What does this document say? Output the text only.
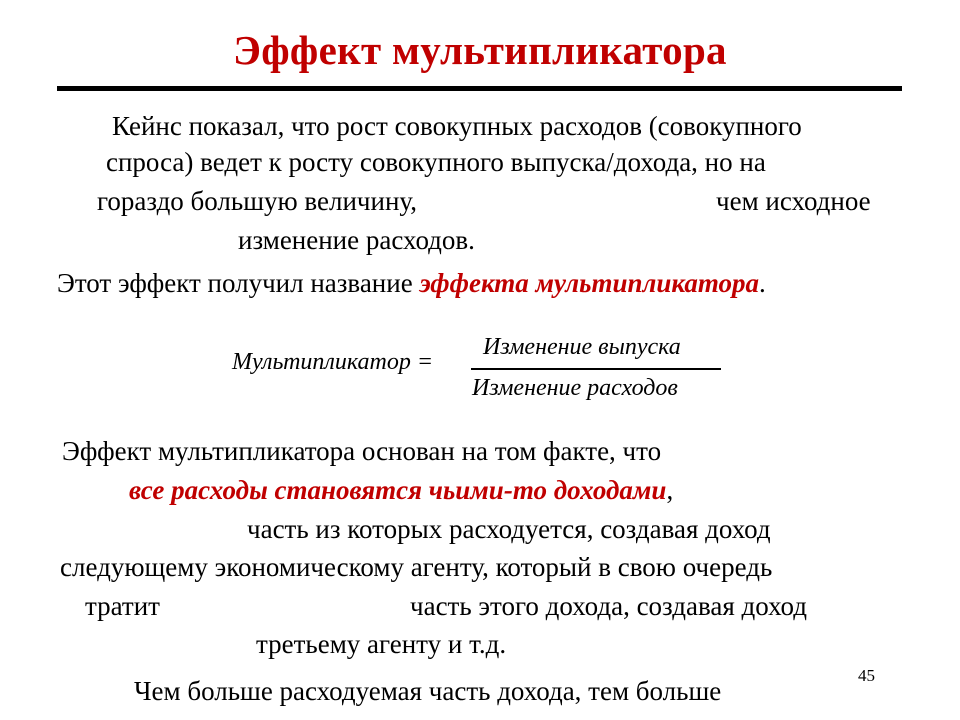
Эффект мультипликатора
Кейнс показал, что рост совокупных расходов (совокупного
спроса) ведет к росту совокупного выпуска/дохода, но на
гораздо большую величину,	чем исходное
изменение расходов.
Этот эффект получил название эффекта мультипликатора.
Мультипликатор =
Изменение выпуска
Изменение расходов
Эффект мультипликатора основан на том факте, что
все расходы становятся чьими-то доходами,
часть из которых расходуется, создавая доход
следующему экономическому агенту, который в свою очередь
тратит	часть этого дохода, создавая доход
третьему агенту и т.д.
45
Чем больше расходуемая часть дохода, тем больше
